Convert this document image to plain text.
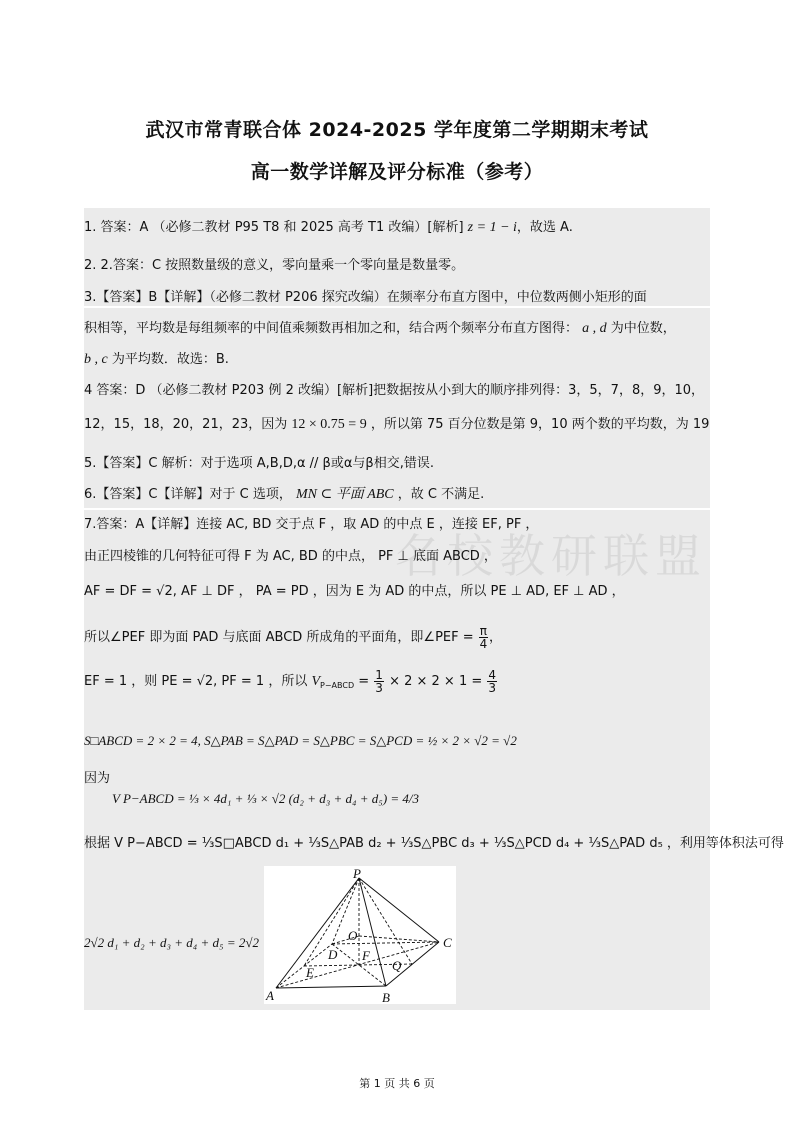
武汉市常青联合体 2024-2025 学年度第二学期期末考试
高一数学详解及评分标准（参考）
名校教研联盟
1. 答案：A （必修二教材 P95 T8 和 2025 高考 T1 改编）[解析] z = 1 − i，故选 A.
2. 2.答案：C 按照数量级的意义，零向量乘一个零向量是数量零。
3.【答案】B【详解】（必修二教材 P206 探究改编）在频率分布直方图中，中位数两侧小矩形的面
积相等，平均数是每组频率的中间值乘频数再相加之和，结合两个频率分布直方图得： a , d 为中位数，
b , c 为平均数．故选：B.
4 答案：D （必修二教材 P203 例 2 改编）[解析]把数据按从小到大的顺序排列得：3，5，7，8，9，10，
12，15，18，20，21，23，因为 12 × 0.75 = 9 ，所以第 75 百分位数是第 9，10 两个数的平均数，为 19
5.【答案】C 解析：对于选项 A,B,D,α // β或α与β相交,错误.
6.【答案】C【详解】对于 C 选项， MN ⊂ 平面 ABC ，故 C 不满足.
7.答案：A【详解】连接 AC, BD 交于点 F ，取 AD 的中点 E ，连接 EF, PF ，
由正四棱锥的几何特征可得 F 为 AC, BD 的中点， PF ⊥ 底面 ABCD ，
AF = DF = √2, AF ⊥ DF ， PA = PD ，因为 E 为 AD 的中点，所以 PE ⊥ AD, EF ⊥ AD ，
所以∠PEF 即为面 PAD 与底面 ABCD 所成角的平面角，即∠PEF = $\frac{\pi}{4}$ ，
EF = 1 ，则 PE = √2, PF = 1 ，所以 $V_{P-ABCD} = \frac{1}{3} \times 2 \times 2 \times 1 = \frac{4}{3}$
S□ABCD = 2 × 2 = 4, S△PAB = S△PAD = S△PBC = S△PCD = ½ × 2 × √2 = √2
因为
V P−ABCD = ⅓ × 4d₁ + ⅓ × √2 (d₂ + d₃ + d₄ + d₅) = 4/3
根据 V P−ABCD = ⅓S□ABCD d₁ + ⅓S△PAB d₂ + ⅓S△PBC d₃ + ⅓S△PCD d₄ + ⅓S△PAD d₅ ，利用等体积法可得
2√2 d₁ + d₂ + d₃ + d₄ + d₅ = 2√2
P
O
D F
C
E	Q
A	B
第 1 页 共 6 页
